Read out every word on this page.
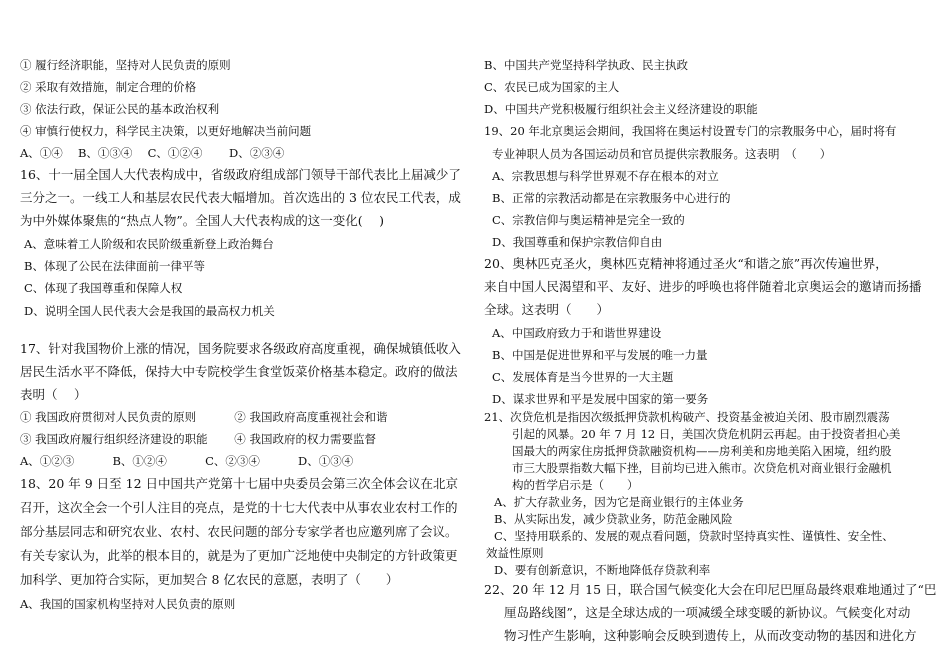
① 履行经济职能，坚持对人民负责的原则
② 采取有效措施，制定合理的价格
③ 依法行政，保证公民的基本政治权利
④ 审慎行使权力，科学民主决策，以更好地解决当前问题
A、①④　 B、①③④　 C、①②④　　 D、②③④
16、十一届全国人大代表构成中，省级政府组成部门领导干部代表比上届减少了
三分之一。一线工人和基层农民代表大幅增加。首次选出的 3 位农民工代表，成
为中外媒体聚焦的“热点人物”。全国人大代表构成的这一变化(　 )
A、意味着工人阶级和农民阶级重新登上政治舞台
B、体现了公民在法律面前一律平等
C、体现了我国尊重和保障人权
D、说明全国人民代表大会是我国的最高权力机关
17、针对我国物价上涨的情况，国务院要求各级政府高度重视，确保城镇低收入
居民生活水平不降低，保持大中专院校学生食堂饭菜价格基本稳定。政府的做法
表明（　 ）
① 我国政府贯彻对人民负责的原则　　　 ② 我国政府高度重视社会和谐
③ 我国政府履行组织经济建设的职能　　 ④ 我国政府的权力需要监督
A、①②③　　　 B、①②④　　　 C、②③④　　　 D、①③④
18、20 年 9 日至 12 日中国共产党第十七届中央委员会第三次全体会议在北京
召开，这次全会一个引人注目的亮点，是党的十七大代表中从事农业农村工作的
部分基层同志和研究农业、农村、农民问题的部分专家学者也应邀列席了会议。
有关专家认为，此举的根本目的，就是为了更加广泛地使中央制定的方针政策更
加科学、更加符合实际，更加契合 8 亿农民的意愿，表明了（　　）
A、我国的国家机构坚持对人民负责的原则
B、中国共产党坚持科学执政、民主执政
C、农民已成为国家的主人
D、中国共产党积极履行组织社会主义经济建设的职能
19、20 年北京奥运会期间，我国将在奥运村设置专门的宗教服务中心，届时将有
专业神职人员为各国运动员和官员提供宗教服务。这表明　（　　）
A、宗教思想与科学世界观不存在根本的对立
B、正常的宗教活动都是在宗教服务中心进行的
C、宗教信仰与奥运精神是完全一致的
D、我国尊重和保护宗教信仰自由
20、奥林匹克圣火，奥林匹克精神将通过圣火“和谐之旅”再次传遍世界，
来自中国人民渴望和平、友好、进步的呼唤也将伴随着北京奥运会的邀请而扬播
全球。这表明（　　）
A、中国政府致力于和谐世界建设
B、中国是促进世界和平与发展的唯一力量
C、发展体育是当今世界的一大主题
D、谋求世界和平是发展中国家的第一要务
21、次贷危机是指因次级抵押贷款机构破产、投资基金被迫关闭、股市剧烈震荡
引起的风暴。20 年 7 月 12 日，美国次贷危机阴云再起。由于投资者担心美
国最大的两家住房抵押贷款融资机构——房利美和房地美陷入困境，纽约股
市三大股票指数大幅下挫，目前均已进入熊市。次贷危机对商业银行金融机
构的哲学启示是（　　）
A、扩大存款业务，因为它是商业银行的主体业务
B、从实际出发，减少贷款业务，防范金融风险
C、坚持用联系的、发展的观点看问题，贷款时坚持真实性、谨慎性、安全性、
效益性原则
D、要有创新意识，不断地降低存贷款利率
22、20 年 12 月 15 日，联合国气候变化大会在印尼巴厘岛最终艰难地通过了“巴
厘岛路线图”，这是全球达成的一项减缓全球变暖的新协议。气候变化对动
物习性产生影响，这种影响会反映到遗传上，从而改变动物的基因和进化方
